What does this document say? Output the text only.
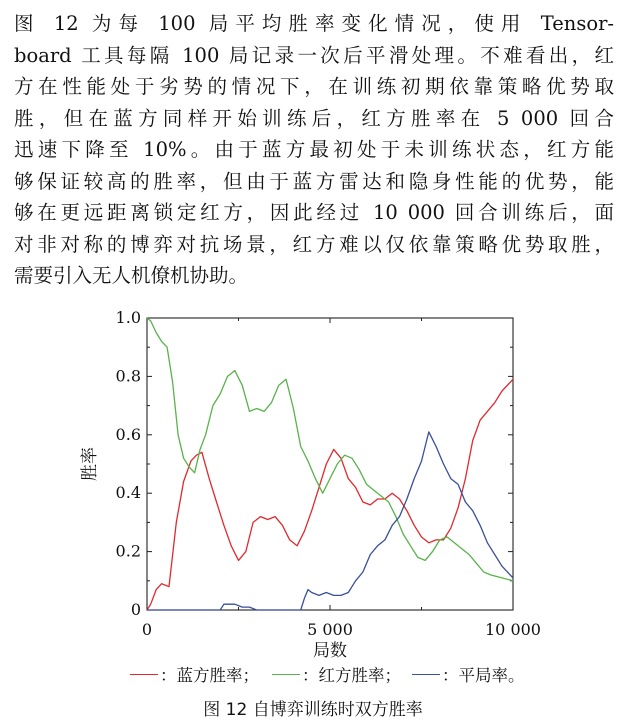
图 12 为每 100 局平均胜率变化情况，使用 Tensor-
board 工具每隔 100 局记录一次后平滑处理。不难看出，红
方在性能处于劣势的情况下，在训练初期依靠策略优势取
胜，但在蓝方同样开始训练后，红方胜率在 5 000 回合
迅速下降至 10%。由于蓝方最初处于未训练状态，红方能
够保证较高的胜率，但由于蓝方雷达和隐身性能的优势，能
够在更远距离锁定红方，因此经过 10 000 回合训练后，面
对非对称的博弈对抗场景，红方难以仅依靠策略优势取胜，
需要引入无人机僚机协助。
0
0.2
0.4
0.6
0.8
1.0
0	5 000	10 000
局数
胜率
：蓝方胜率；	：红方胜率； ：平局率。
图 12 自博弈训练时双方胜率
